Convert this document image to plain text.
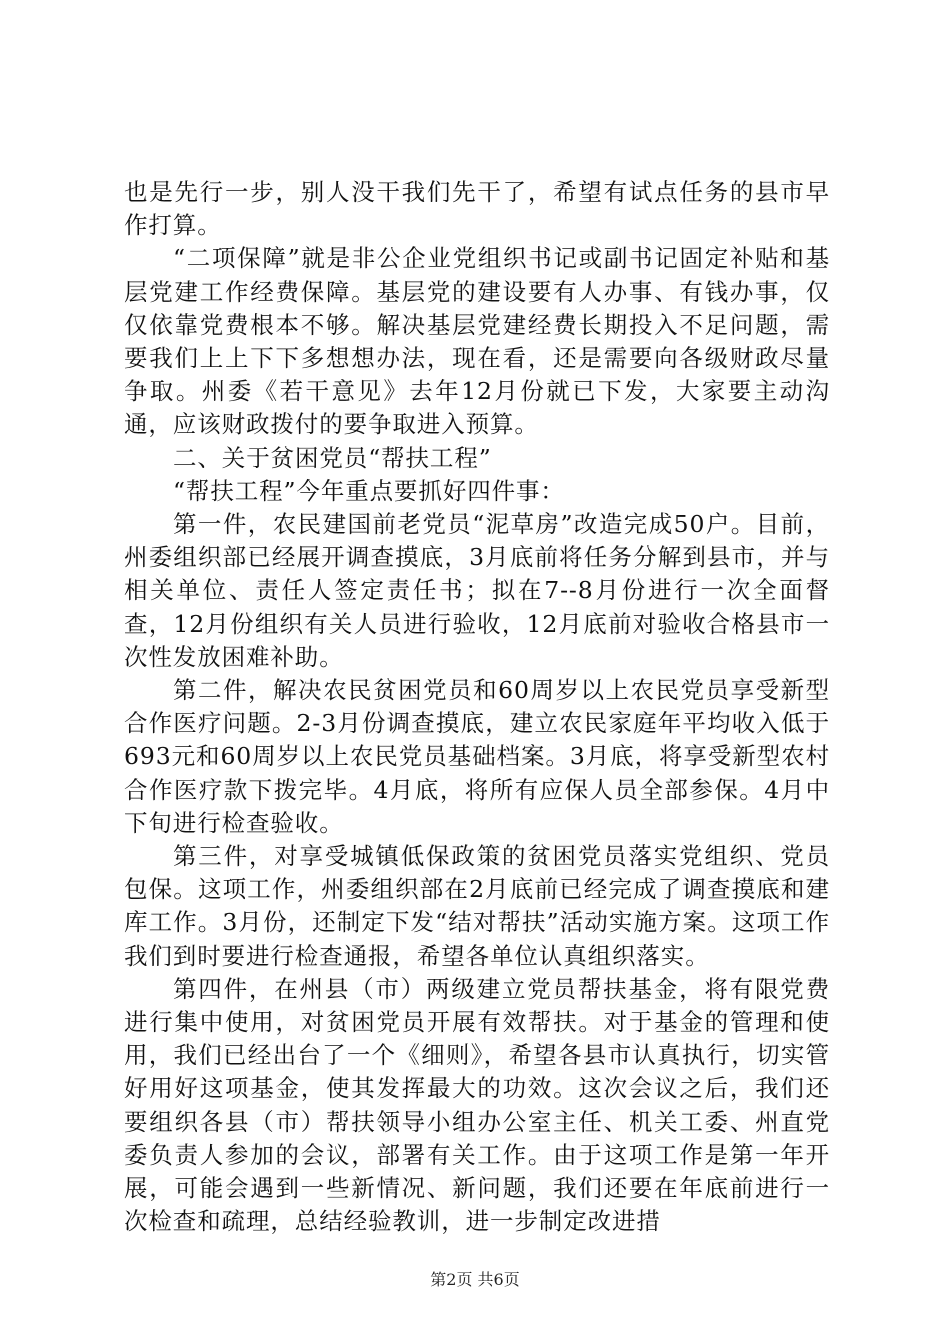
也是先行一步，别人没干我们先干了，希望有试点任务的县市早作打算。

“二项保障”就是非公企业党组织书记或副书记固定补贴和基层党建工作经费保障。基层党的建设要有人办事、有钱办事，仅仅依靠党费根本不够。解决基层党建经费长期投入不足问题，需要我们上上下下多想想办法，现在看，还是需要向各级财政尽量争取。州委《若干意见》去年12月份就已下发，大家要主动沟通，应该财政拨付的要争取进入预算。

二、关于贫困党员“帮扶工程”

“帮扶工程”今年重点要抓好四件事：

第一件，农民建国前老党员“泥草房”改造完成50户。目前，州委组织部已经展开调查摸底，3月底前将任务分解到县市，并与相关单位、责任人签定责任书；拟在7--8月份进行一次全面督查，12月份组织有关人员进行验收，12月底前对验收合格县市一次性发放困难补助。

第二件，解决农民贫困党员和60周岁以上农民党员享受新型合作医疗问题。2-3月份调查摸底，建立农民家庭年平均收入低于693元和60周岁以上农民党员基础档案。3月底，将享受新型农村合作医疗款下拨完毕。4月底，将所有应保人员全部参保。4月中下旬进行检查验收。

第三件，对享受城镇低保政策的贫困党员落实党组织、党员包保。这项工作，州委组织部在2月底前已经完成了调查摸底和建库工作。3月份，还制定下发“结对帮扶”活动实施方案。这项工作我们到时要进行检查通报，希望各单位认真组织落实。

第四件，在州县（市）两级建立党员帮扶基金，将有限党费进行集中使用，对贫困党员开展有效帮扶。对于基金的管理和使用，我们已经出台了一个《细则》，希望各县市认真执行，切实管好用好这项基金，使其发挥最大的功效。这次会议之后，我们还要组织各县（市）帮扶领导小组办公室主任、机关工委、州直党委负责人参加的会议，部署有关工作。由于这项工作是第一年开展，可能会遇到一些新情况、新问题，我们还要在年底前进行一次检查和疏理，总结经验教训，进一步制定改进措

第2页 共6页
